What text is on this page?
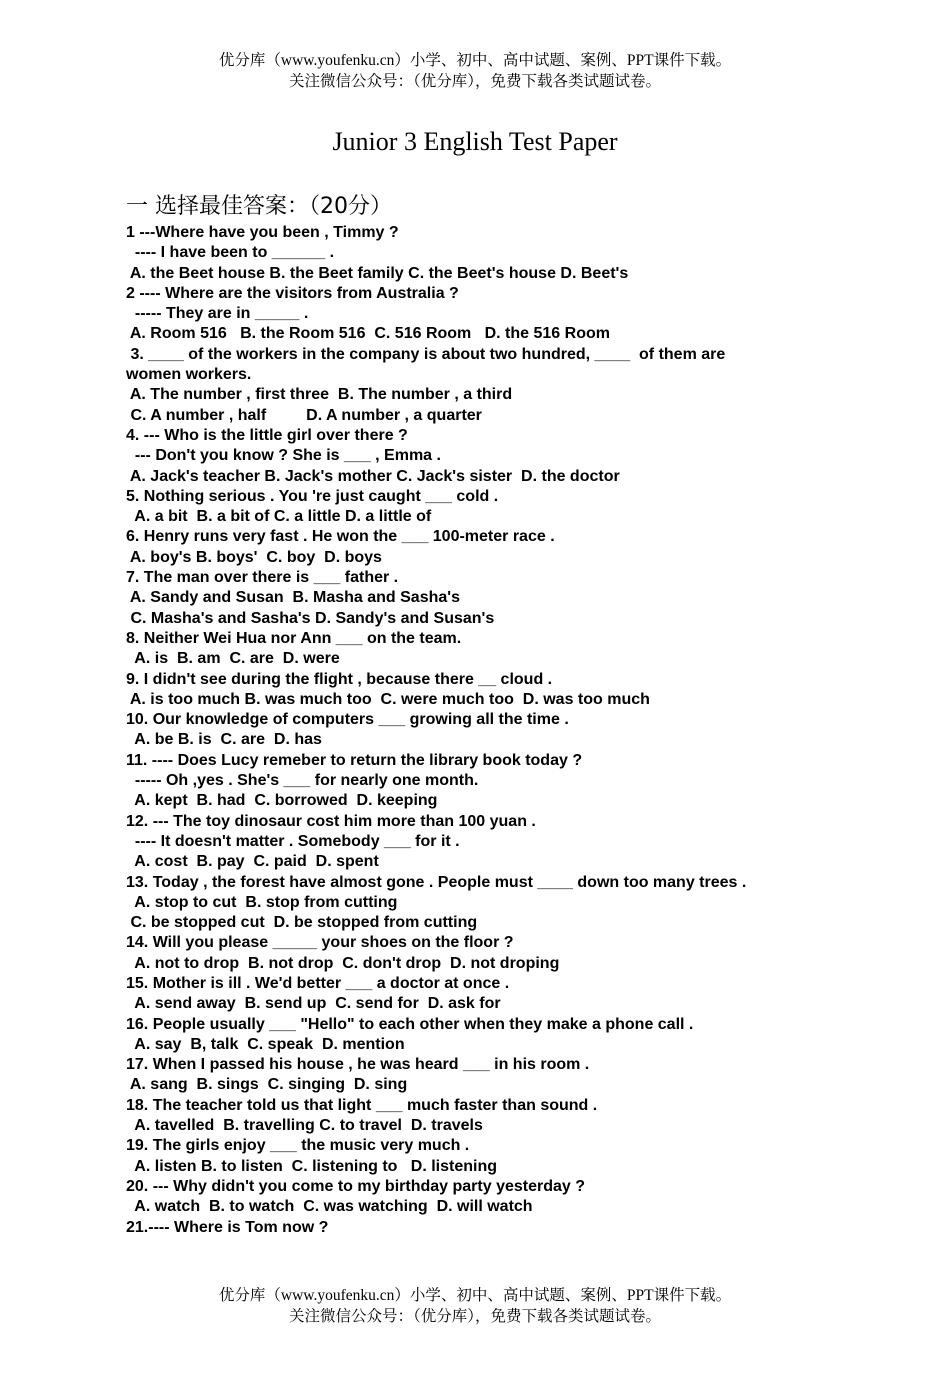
优分库（www.youfenku.cn）小学、初中、高中试题、案例、PPT课件下载。
关注微信公众号：（优分库），免费下载各类试题试卷。
Junior 3 English Test Paper
一 选择最佳答案：（20分）
1 ---Where have you been , Timmy ?
---- I have been to ______ .
A. the Beet house B. the Beet family C. the Beet's house D. Beet's
2 ---- Where are the visitors from Australia ?
----- They are in _____ .
A. Room 516   B. the Room 516  C. 516 Room   D. the 516 Room
3. ____ of the workers in the company is about two hundred, ____  of them are
women workers.
A. The number , first three  B. The number , a third
C. A number , half         D. A number , a quarter
4. --- Who is the little girl over there ?
--- Don't you know ? She is ___ , Emma .
A. Jack's teacher B. Jack's mother C. Jack's sister  D. the doctor
5. Nothing serious . You 're just caught ___ cold .
A. a bit  B. a bit of C. a little D. a little of
6. Henry runs very fast . He won the ___ 100-meter race .
A. boy's B. boys'  C. boy  D. boys
7. The man over there is ___ father .
A. Sandy and Susan  B. Masha and Sasha's
C. Masha's and Sasha's D. Sandy's and Susan's
8. Neither Wei Hua nor Ann ___ on the team.
A. is  B. am  C. are  D. were
9. I didn't see during the flight , because there __ cloud .
A. is too much B. was much too  C. were much too  D. was too much
10. Our knowledge of computers ___ growing all the time .
A. be B. is  C. are  D. has
11. ---- Does Lucy remeber to return the library book today ?
----- Oh ,yes . She's ___ for nearly one month.
A. kept  B. had  C. borrowed  D. keeping
12. --- The toy dinosaur cost him more than 100 yuan .
---- It doesn't matter . Somebody ___ for it .
A. cost  B. pay  C. paid  D. spent
13. Today , the forest have almost gone . People must ____ down too many trees .
A. stop to cut  B. stop from cutting
C. be stopped cut  D. be stopped from cutting
14. Will you please _____ your shoes on the floor ?
A. not to drop  B. not drop  C. don't drop  D. not droping
15. Mother is ill . We'd better ___ a doctor at once .
A. send away  B. send up  C. send for  D. ask for
16. People usually ___ "Hello" to each other when they make a phone call .
A. say  B, talk  C. speak  D. mention
17. When I passed his house , he was heard ___ in his room .
A. sang  B. sings  C. singing  D. sing
18. The teacher told us that light ___ much faster than sound .
A. tavelled  B. travelling C. to travel  D. travels
19. The girls enjoy ___ the music very much .
A. listen B. to listen  C. listening to   D. listening
20. --- Why didn't you come to my birthday party yesterday ?
A. watch  B. to watch  C. was watching  D. will watch
21.---- Where is Tom now ?
优分库（www.youfenku.cn）小学、初中、高中试题、案例、PPT课件下载。
关注微信公众号：（优分库），免费下载各类试题试卷。
